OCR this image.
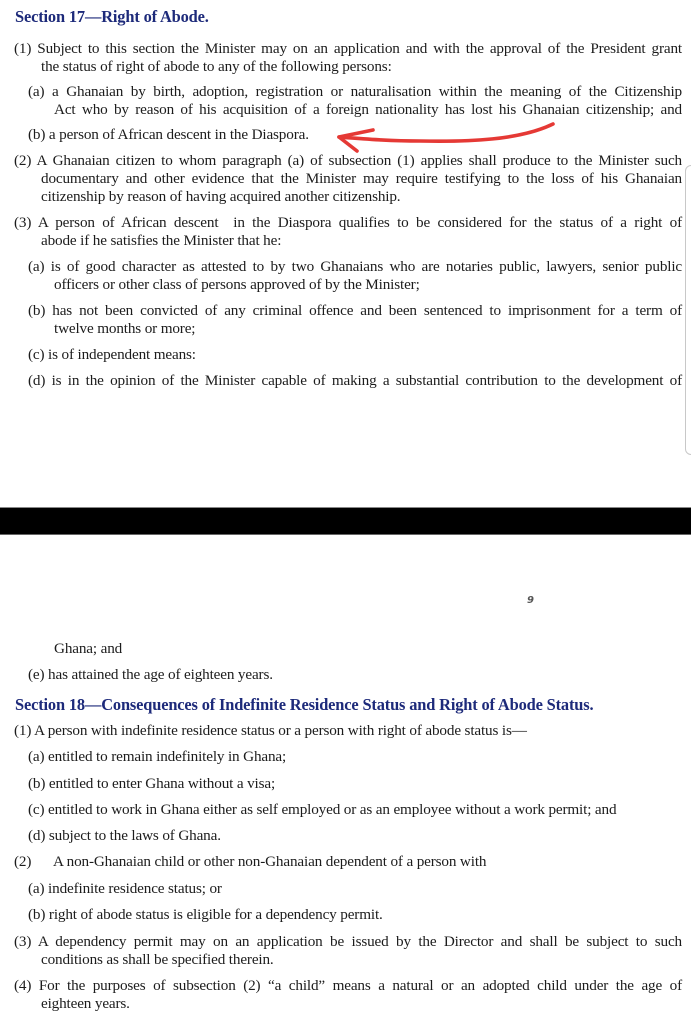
Section 17—Right of Abode.
(1) Subject to this section the Minister may on an application and with the approval of the President grant
the status of right of abode to any of the following persons:
(a) a Ghanaian by birth, adoption, registration or naturalisation within the meaning of the Citizenship
Act who by reason of his acquisition of a foreign nationality has lost his Ghanaian citizenship; and
(b) a person of African descent in the Diaspora.
(2) A Ghanaian citizen to whom paragraph (a) of subsection (1) applies shall produce to the Minister such
documentary and other evidence that the Minister may require testifying to the loss of his Ghanaian
citizenship by reason of having acquired another citizenship.
(3) A person of African descent  in the Diaspora qualifies to be considered for the status of a right of
abode if he satisfies the Minister that he:
(a) is of good character as attested to by two Ghanaians who are notaries public, lawyers, senior public
officers or other class of persons approved of by the Minister;
(b) has not been convicted of any criminal offence and been sentenced to imprisonment for a term of
twelve months or more;
(c) is of independent means:
(d) is in the opinion of the Minister capable of making a substantial contribution to the development of
9
Ghana; and
(e) has attained the age of eighteen years.
Section 18—Consequences of Indefinite Residence Status and Right of Abode Status.
(1) A person with indefinite residence status or a person with right of abode status is—
(a) entitled to remain indefinitely in Ghana;
(b) entitled to enter Ghana without a visa;
(c) entitled to work in Ghana either as self employed or as an employee without a work permit; and
(d) subject to the laws of Ghana.
(2) A non-Ghanaian child or other non-Ghanaian dependent of a person with
(a) indefinite residence status; or
(b) right of abode status is eligible for a dependency permit.
(3) A dependency permit may on an application be issued by the Director and shall be subject to such
conditions as shall be specified therein.
(4) For the purposes of subsection (2) “a child” means a natural or an adopted child under the age of
eighteen years.
